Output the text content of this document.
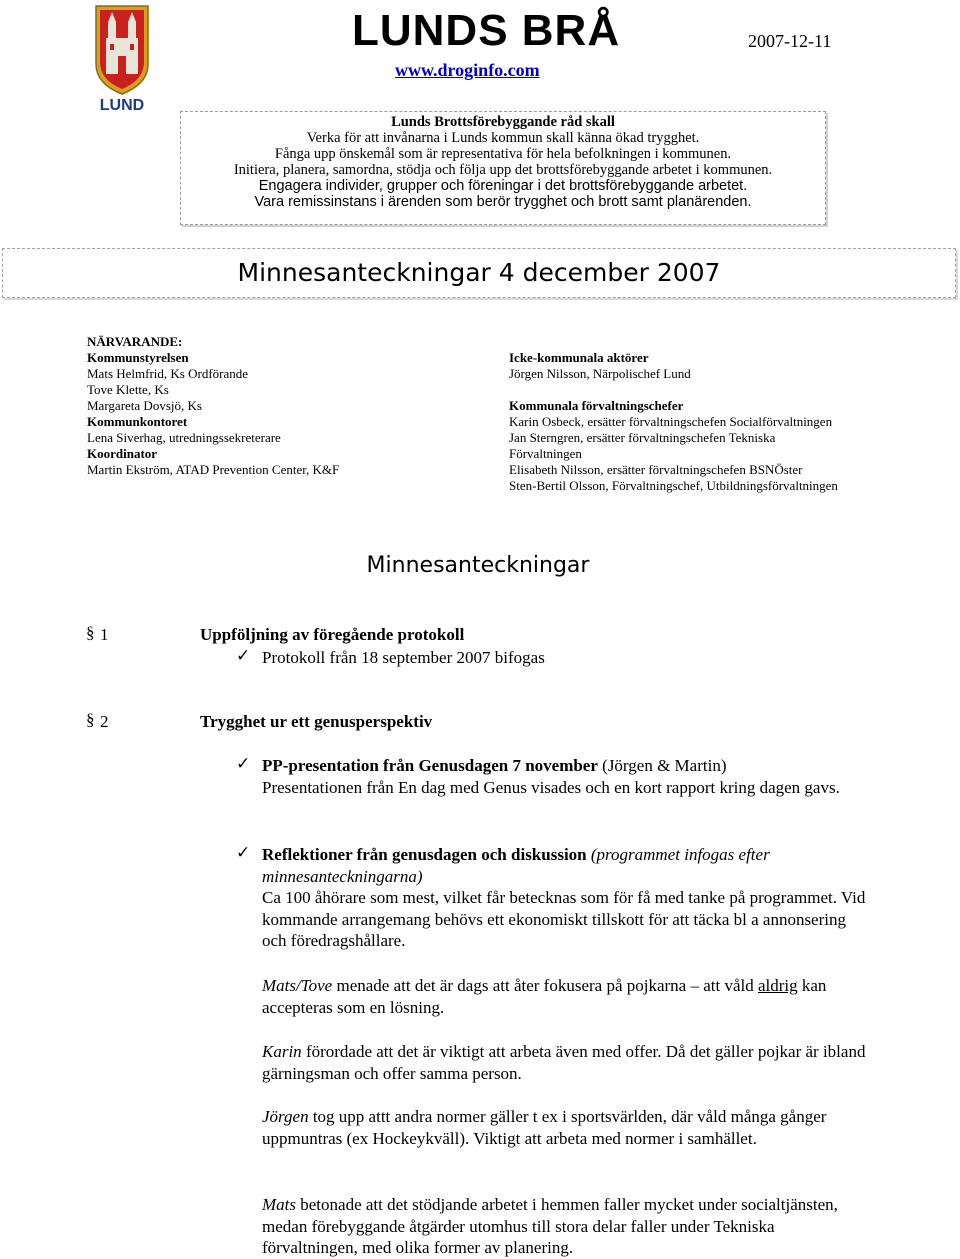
LUND
LUNDS BRÅ
www.droginfo.com
2007-12-11
Lunds Brottsförebyggande råd skall
Verka för att invånarna i Lunds kommun skall känna ökad trygghet.
Fånga upp önskemål som är representativa för hela befolkningen i kommunen.
Initiera, planera, samordna, stödja och följa upp det brottsförebyggande arbetet i kommunen.
Engagera individer, grupper och föreningar i det brottsförebyggande arbetet.
Vara remissinstans i ärenden som berör trygghet och brott samt planärenden.
Minnesanteckningar 4 december 2007
NÄRVARANDE:
Kommunstyrelsen
Mats Helmfrid, Ks Ordförande
Tove Klette, Ks
Margareta Dovsjö, Ks
Kommunkontoret
Lena Siverhag, utredningssekreterare
Koordinator
Martin Ekström, ATAD Prevention Center, K&F
Icke-kommunala aktörer
Jörgen Nilsson, Närpolischef Lund
Kommunala förvaltningschefer
Karin Osbeck, ersätter förvaltningschefen Socialförvaltningen
Jan Sterngren, ersätter förvaltningschefen Tekniska
Förvaltningen
Elisabeth Nilsson, ersätter förvaltningschefen BSNÖster
Sten-Bertil Olsson, Förvaltningschef, Utbildningsförvaltningen
Minnesanteckningar
§ 1	Uppföljning av föregående protokoll
✓ Protokoll från 18 september 2007 bifogas
§ 2	Trygghet ur ett genusperspektiv
✓ PP-presentation från Genusdagen 7 november (Jörgen & Martin)
Presentationen från En dag med Genus visades och en kort rapport kring dagen gavs.
✓ Reflektioner från genusdagen och diskussion (programmet infogas efter minnesanteckningarna)
Ca 100 åhörare som mest, vilket får betecknas som för få med tanke på programmet. Vid kommande arrangemang behövs ett ekonomiskt tillskott för att täcka bl a annonsering och föredragshållare.
Mats/Tove menade att det är dags att åter fokusera på pojkarna – att våld aldrig kan accepteras som en lösning.
Karin förordade att det är viktigt att arbeta även med offer. Då det gäller pojkar är ibland gärningsman och offer samma person.
Jörgen tog upp attt andra normer gäller t ex i sportsvärlden, där våld många gånger uppmuntras (ex Hockeykväll). Viktigt att arbeta med normer i samhället.
Mats betonade att det stödjande arbetet i hemmen faller mycket under socialtjänsten, medan förebyggande åtgärder utomhus till stora delar faller under Tekniska förvaltningen, med olika former av planering.
